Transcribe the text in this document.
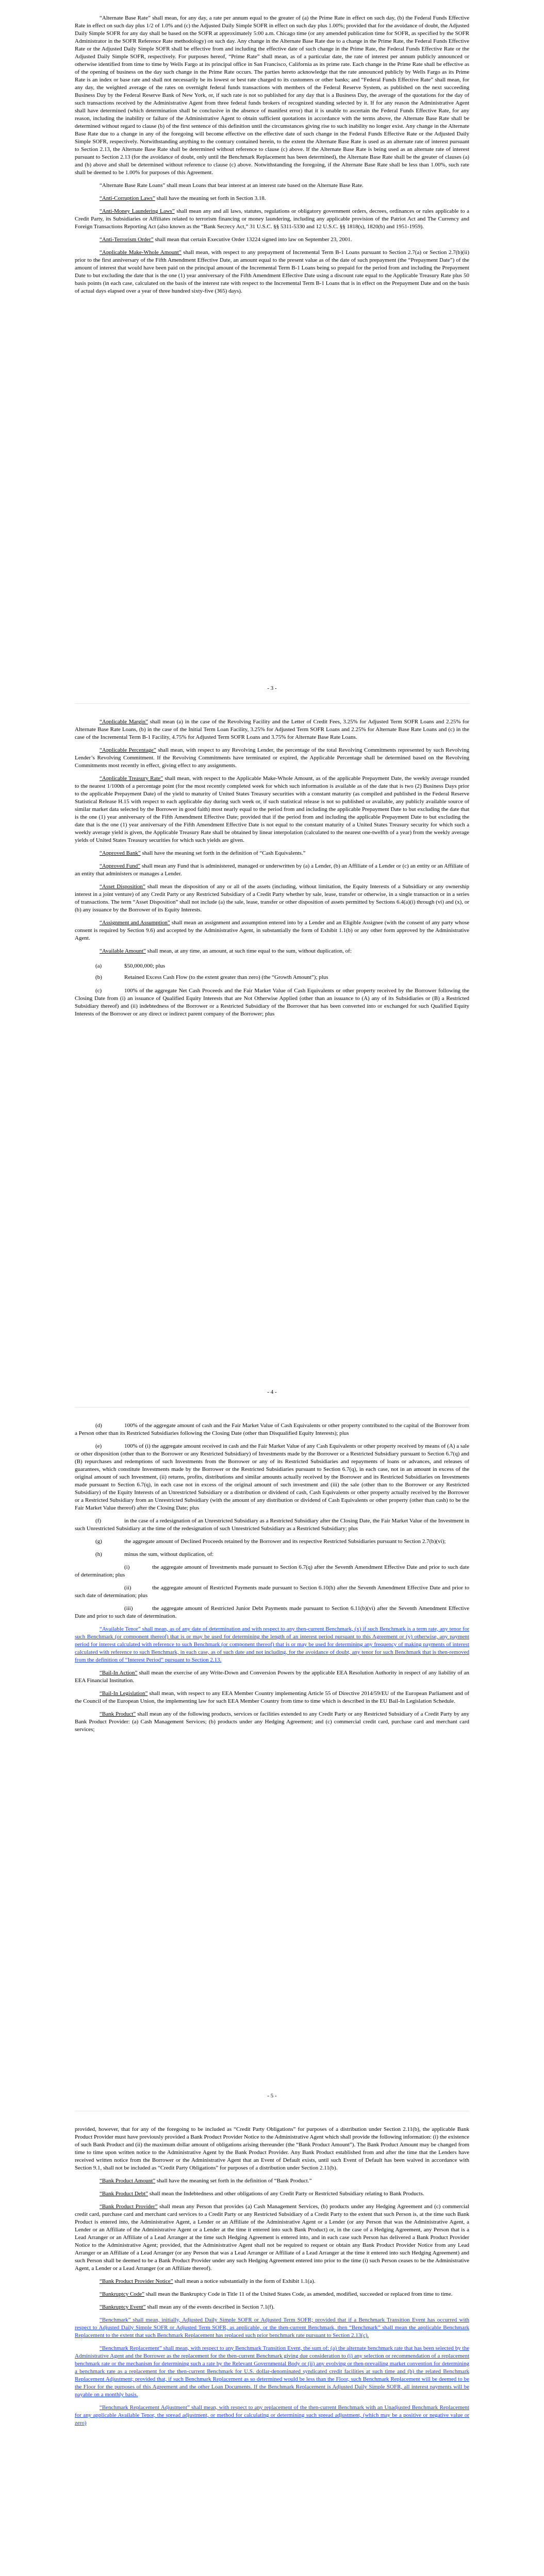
“Alternate Base Rate” shall mean, for any day, a rate per annum equal to the greater of (a) the Prime Rate in effect on such day, (b) the Federal Funds Effective Rate in effect on such day plus 1/2 of 1.0% and (c) the Adjusted Daily Simple SOFR in effect on such day plus 1.00%; provided that for the avoidance of doubt, the Adjusted Daily Simple SOFR for any day shall be based on the SOFR at approximately 5:00 a.m. Chicago time (or any amended publication time for SOFR, as specified by the SOFR Administrator in the SOFR Reference Rate methodology) on such day. Any change in the Alternate Base Rate due to a change in the Prime Rate, the Federal Funds Effective Rate or the Adjusted Daily Simple SOFR shall be effective from and including the effective date of such change in the Prime Rate, the Federal Funds Effective Rate or the Adjusted Daily Simple SOFR, respectively. For purposes hereof, “Prime Rate” shall mean, as of a particular date, the rate of interest per annum publicly announced or otherwise identified from time to time by Wells Fargo at its principal office in San Francisco, California as its prime rate. Each change in the Prime Rate shall be effective as of the opening of business on the day such change in the Prime Rate occurs. The parties hereto acknowledge that the rate announced publicly by Wells Fargo as its Prime Rate is an index or base rate and shall not necessarily be its lowest or best rate charged to its customers or other banks; and “Federal Funds Effective Rate” shall mean, for any day, the weighted average of the rates on overnight federal funds transactions with members of the Federal Reserve System, as published on the next succeeding Business Day by the Federal Reserve Bank of New York, or, if such rate is not so published for any day that is a Business Day, the average of the quotations for the day of such transactions received by the Administrative Agent from three federal funds brokers of recognized standing selected by it. If for any reason the Administrative Agent shall have determined (which determination shall be conclusive in the absence of manifest error) that it is unable to ascertain the Federal Funds Effective Rate, for any reason, including the inability or failure of the Administrative Agent to obtain sufficient quotations in accordance with the terms above, the Alternate Base Rate shall be determined without regard to clause (b) of the first sentence of this definition until the circumstances giving rise to such inability no longer exist. Any change in the Alternate Base Rate due to a change in any of the foregoing will become effective on the effective date of such change in the Federal Funds Effective Rate or the Adjusted Daily Simple SOFR, respectively. Notwithstanding anything to the contrary contained herein, to the extent the Alternate Base Rate is used as an alternate rate of interest pursuant to Section 2.13, the Alternate Base Rate shall be determined without reference to clause (c) above. If the Alternate Base Rate is being used as an alternate rate of interest pursuant to Section 2.13 (for the avoidance of doubt, only until the Benchmark Replacement has been determined), the Alternate Base Rate shall be the greater of clauses (a) and (b) above and shall be determined without reference to clause (c) above. Notwithstanding the foregoing, if the Alternate Base Rate shall be less than 1.00%, such rate shall be deemed to be 1.00% for purposes of this Agreement.

“Alternate Base Rate Loans” shall mean Loans that bear interest at an interest rate based on the Alternate Base Rate.

“Anti-Corruption Laws” shall have the meaning set forth in Section 3.18.

“Anti-Money Laundering Laws” shall mean any and all laws, statutes, regulations or obligatory government orders, decrees, ordinances or rules applicable to a Credit Party, its Subsidiaries or Affiliates related to terrorism financing or money laundering, including any applicable provision of the Patriot Act and The Currency and Foreign Transactions Reporting Act (also known as the “Bank Secrecy Act,” 31 U.S.C. §§ 5311-5330 and 12 U.S.C. §§ 1818(s), 1820(b) and 1951-1959).

“Anti-Terrorism Order” shall mean that certain Executive Order 13224 signed into law on September 23, 2001.

“Applicable Make-Whole Amount” shall mean, with respect to any prepayment of Incremental Term B-1 Loans pursuant to Section 2.7(a) or Section 2.7(b)(ii) prior to the first anniversary of the Fifth Amendment Effective Date, an amount equal to the present value as of the date of such prepayment (the “Prepayment Date”) of the amount of interest that would have been paid on the principal amount of the Incremental Term B-1 Loans being so prepaid for the period from and including the Prepayment Date to but excluding the date that is the one (1) year anniversary of the Fifth Amendment Effective Date using a discount rate equal to the Applicable Treasury Rate plus 50 basis points (in each case, calculated on the basis of the interest rate with respect to the Incremental Term B-1 Loans that is in effect on the Prepayment Date and on the basis of actual days elapsed over a year of three hundred sixty-five (365) days).

- 3 -

“Applicable Margin” shall mean (a) in the case of the Revolving Facility and the Letter of Credit Fees, 3.25% for Adjusted Term SOFR Loans and 2.25% for Alternate Base Rate Loans, (b) in the case of the Initial Term Loan Facility, 3.25% for Adjusted Term SOFR Loans and 2.25% for Alternate Base Rate Loans and (c) in the case of the Incremental Term B-1 Facility, 4.75% for Adjusted Term SOFR Loans and 3.75% for Alternate Base Rate Loans.

“Applicable Percentage” shall mean, with respect to any Revolving Lender, the percentage of the total Revolving Commitments represented by such Revolving Lender’s Revolving Commitment. If the Revolving Commitments have terminated or expired, the Applicable Percentage shall be determined based on the Revolving Commitments most recently in effect, giving effect to any assignments.

“Applicable Treasury Rate” shall mean, with respect to the Applicable Make-Whole Amount, as of the applicable Prepayment Date, the weekly average rounded to the nearest 1/100th of a percentage point (for the most recently completed week for which such information is available as of the date that is two (2) Business Days prior to the applicable Prepayment Date) of the yield to maturity of United States Treasury securities with a constant maturity (as compiled and published in the Federal Reserve Statistical Release H.15 with respect to each applicable day during such week or, if such statistical release is not so published or available, any publicly available source of similar market data selected by the Borrower in good faith) most nearly equal to the period from and including the applicable Prepayment Date to but excluding the date that is the one (1) year anniversary of the Fifth Amendment Effective Date; provided that if the period from and including the applicable Prepayment Date to but excluding the date that is the one (1) year anniversary of the Fifth Amendment Effective Date is not equal to the constant maturity of a United States Treasury security for which such a weekly average yield is given, the Applicable Treasury Rate shall be obtained by linear interpolation (calculated to the nearest one-twelfth of a year) from the weekly average yields of United States Treasury securities for which such yields are given.

“Approved Bank” shall have the meaning set forth in the definition of “Cash Equivalents.”

“Approved Fund” shall mean any Fund that is administered, managed or underwritten by (a) a Lender, (b) an Affiliate of a Lender or (c) an entity or an Affiliate of an entity that administers or manages a Lender.

“Asset Disposition” shall mean the disposition of any or all of the assets (including, without limitation, the Equity Interests of a Subsidiary or any ownership interest in a joint venture) of any Credit Party or any Restricted Subsidiary of a Credit Party whether by sale, lease, transfer or otherwise, in a single transaction or in a series of transactions. The term “Asset Disposition” shall not include (a) the sale, lease, transfer or other disposition of assets permitted by Sections 6.4(a)(i) through (vi) and (x), or (b) any issuance by the Borrower of its Equity Interests.

“Assignment and Assumption” shall mean an assignment and assumption entered into by a Lender and an Eligible Assignee (with the consent of any party whose consent is required by Section 9.6) and accepted by the Administrative Agent, in substantially the form of Exhibit 1.1(b) or any other form approved by the Administrative Agent.

“Available Amount” shall mean, at any time, an amount, at such time equal to the sum, without duplication, of:

(a)	$50,000,000; plus
(b)	Retained Excess Cash Flow (to the extent greater than zero) (the “Growth Amount”); plus
(c)	100% of the aggregate Net Cash Proceeds and the Fair Market Value of Cash Equivalents or other property received by the Borrower following the Closing Date from (i) an issuance of Qualified Equity Interests that are Not Otherwise Applied (other than an issuance to (A) any of its Subsidiaries or (B) a Restricted Subsidiary thereof) and (ii) indebtedness of the Borrower or a Restricted Subsidiary of the Borrower that has been converted into or exchanged for such Qualified Equity Interests of the Borrower or any direct or indirect parent company of the Borrower; plus

- 4 -
(d)	100% of the aggregate amount of cash and the Fair Market Value of Cash Equivalents or other property contributed to the capital of the Borrower from a Person other than its Restricted Subsidiaries following the Closing Date (other than Disqualified Equity Interests); plus

(e)	100% of (i) the aggregate amount received in cash and the Fair Market Value of any Cash Equivalents or other property received by means of (A) a sale or other disposition (other than to the Borrower or any Restricted Subsidiary) of Investments made by the Borrower or a Restricted Subsidiary pursuant to Section 6.7(q) and (B) repurchases and redemptions of such Investments from the Borrower or any of its Restricted Subsidiaries and repayments of loans or advances, and releases of guarantees, which constitute Investments made by the Borrower or the Restricted Subsidiaries pursuant to Section 6.7(q), in each case, not in an amount in excess of the original amount of such Investment, (ii) returns, profits, distributions and similar amounts actually received by the Borrower and its Restricted Subsidiaries on Investments made pursuant to Section 6.7(q), in each case not in excess of the original amount of such investment and (iii) the sale (other than to the Borrower or any Restricted Subsidiary) of the Equity Interests of an Unrestricted Subsidiary or a distribution or dividend of cash, Cash Equivalents or other property actually received by the Borrower or a Restricted Subsidiary from an Unrestricted Subsidiary (with the amount of any distribution or dividend of Cash Equivalents or other property (other than cash) to be the Fair Market Value thereof) after the Closing Date; plus

(f)	in the case of a redesignation of an Unrestricted Subsidiary as a Restricted Subsidiary after the Closing Date, the Fair Market Value of the Investment in such Unrestricted Subsidiary at the time of the redesignation of such Unrestricted Subsidiary as a Restricted Subsidiary; plus

(g)	the aggregate amount of Declined Proceeds retained by the Borrower and its respective Restricted Subsidiaries pursuant to Section 2.7(b)(vi);

(h)	minus the sum, without duplication, of:

(i)	the aggregate amount of Investments made pursuant to Section 6.7(q) after the Seventh Amendment Effective Date and prior to such date of determination; plus

(ii)	the aggregate amount of Restricted Payments made pursuant to Section 6.10(h) after the Seventh Amendment Effective Date and prior to such date of determination; plus

(iii)	the aggregate amount of Restricted Junior Debt Payments made pursuant to Section 6.11(b)(vi) after the Seventh Amendment Effective Date and prior to such date of determination.

“Available Tenor” shall mean, as of any date of determination and with respect to any then-current Benchmark, (x) if such Benchmark is a term rate, any tenor for such Benchmark (or component thereof) that is or may be used for determining the length of an interest period pursuant to this Agreement or (y) otherwise, any payment period for interest calculated with reference to such Benchmark (or component thereof) that is or may be used for determining any frequency of making payments of interest calculated with reference to such Benchmark, in each case, as of such date and not including, for the avoidance of doubt, any tenor for such Benchmark that is then-removed from the definition of “Interest Period” pursuant to Section 2.13.

“Bail-In Action” shall mean the exercise of any Write-Down and Conversion Powers by the applicable EEA Resolution Authority in respect of any liability of an EEA Financial Institution.

“Bail-In Legislation” shall mean, with respect to any EEA Member Country implementing Article 55 of Directive 2014/59/EU of the European Parliament and of the Council of the European Union, the implementing law for such EEA Member Country from time to time which is described in the EU Bail-In Legislation Schedule.

“Bank Product” shall mean any of the following products, services or facilities extended to any Credit Party or any Restricted Subsidiary of a Credit Party by any Bank Product Provider: (a) Cash Management Services; (b) products under any Hedging Agreement; and (c) commercial credit card, purchase card and merchant card services;

- 5 -

provided, however, that for any of the foregoing to be included as “Credit Party Obligations” for purposes of a distribution under Section 2.11(b), the applicable Bank Product Provider must have previously provided a Bank Product Provider Notice to the Administrative Agent which shall provide the following information: (i) the existence of such Bank Product and (ii) the maximum dollar amount of obligations arising thereunder (the “Bank Product Amount”). The Bank Product Amount may be changed from time to time upon written notice to the Administrative Agent by the Bank Product Provider. Any Bank Product established from and after the time that the Lenders have received written notice from the Borrower or the Administrative Agent that an Event of Default exists, until such Event of Default has been waived in accordance with Section 9.1, shall not be included as “Credit Party Obligations” for purposes of a distribution under Section 2.11(b).

“Bank Product Amount” shall have the meaning set forth in the definition of “Bank Product.”

“Bank Product Debt” shall mean the Indebtedness and other obligations of any Credit Party or Restricted Subsidiary relating to Bank Products.

“Bank Product Provider” shall mean any Person that provides (a) Cash Management Services, (b) products under any Hedging Agreement and (c) commercial credit card, purchase card and merchant card services to a Credit Party or any Restricted Subsidiary of a Credit Party to the extent that such Person is, at the time such Bank Product is entered into, the Administrative Agent, a Lender or an Affiliate of the Administrative Agent or a Lender (or any Person that was the Administrative Agent, a Lender or an Affiliate of the Administrative Agent or a Lender at the time it entered into such Bank Product) or, in the case of a Hedging Agreement, any Person that is a Lead Arranger or an Affiliate of a Lead Arranger at the time such Hedging Agreement is entered into, and in each case such Person has delivered a Bank Product Provider Notice to the Administrative Agent; provided, that the Administrative Agent shall not be required to request or obtain any Bank Product Provider Notice from any Lead Arranger or an Affiliate of a Lead Arranger (or any Person that was a Lead Arranger or Affiliate of a Lead Arranger at the time it entered into such Hedging Agreement) and such Person shall be deemed to be a Bank Product Provider under any such Hedging Agreement entered into prior to the time (i) such Person ceases to be the Administrative Agent, a Lender or a Lead Arranger (or an Affiliate thereof).

“Bank Product Provider Notice” shall mean a notice substantially in the form of Exhibit 1.1(a).

“Bankruptcy Code” shall mean the Bankruptcy Code in Title 11 of the United States Code, as amended, modified, succeeded or replaced from time to time.

“Bankruptcy Event” shall mean any of the events described in Section 7.1(f).

“Benchmark” shall mean, initially, Adjusted Daily Simple SOFR or Adjusted Term SOFR; provided that if a Benchmark Transition Event has occurred with respect to Adjusted Daily Simple SOFR or Adjusted Term SOFR, as applicable, or the then-current Benchmark, then “Benchmark” shall mean the applicable Benchmark Replacement to the extent that such Benchmark Replacement has replaced such prior benchmark rate pursuant to Section 2.13(c).

“Benchmark Replacement” shall mean, with respect to any Benchmark Transition Event, the sum of: (a) the alternate benchmark rate that has been selected by the Administrative Agent and the Borrower as the replacement for the then-current Benchmark giving due consideration to (i) any selection or recommendation of a replacement benchmark rate or the mechanism for determining such a rate by the Relevant Governmental Body or (ii) any evolving or then-prevailing market convention for determining a benchmark rate as a replacement for the then-current Benchmark for U.S. dollar-denominated syndicated credit facilities at such time and (b) the related Benchmark Replacement Adjustment; provided that, if such Benchmark Replacement as so determined would be less than the Floor, such Benchmark Replacement will be deemed to be the Floor for the purposes of this Agreement and the other Loan Documents. If the Benchmark Replacement is Adjusted Daily Simple SOFR, all interest payments will be payable on a monthly basis.

“Benchmark Replacement Adjustment” shall mean, with respect to any replacement of the then-current Benchmark with an Unadjusted Benchmark Replacement for any applicable Available Tenor, the spread adjustment, or method for calculating or determining such spread adjustment, (which may be a positive or negative value or zero)
